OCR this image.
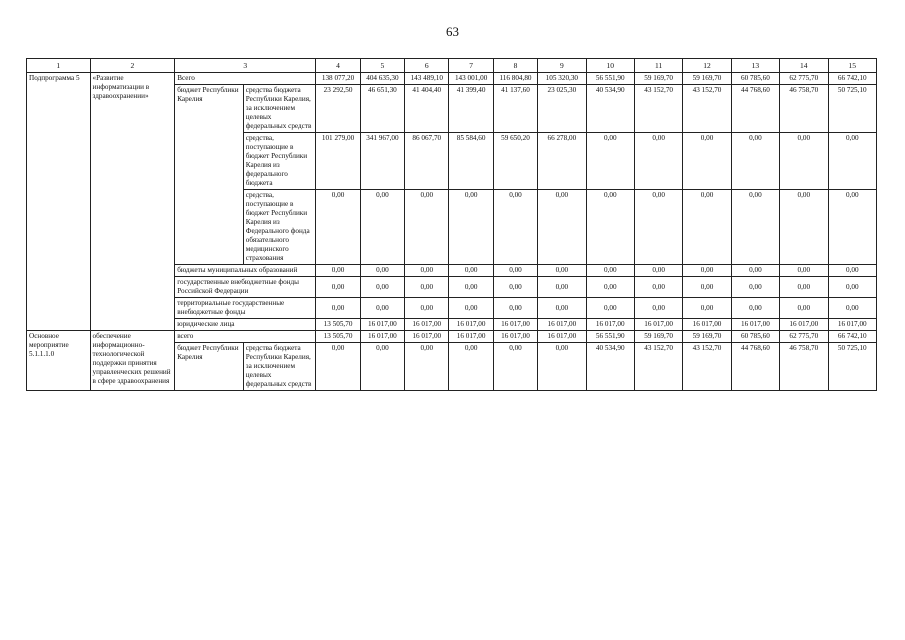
63
1	2	3		4	5	6	7	8	9	10	11	12	13	14	15
Подпрограмма 5	«Развитие информатизации в здравоохранении»	Всего		138 077,20	404 635,30	143 489,10	143 001,00	116 804,80	105 320,30	56 551,90	59 169,70	59 169,70	60 785,60	62 775,70	66 742,10
		бюджет Республики Карелия	средства бюджета Республики Карелия, за исключением целевых федеральных средств	23 292,50	46 651,30	41 404,40	41 399,40	41 137,60	23 025,30	40 534,90	43 152,70	43 152,70	44 768,60	46 758,70	50 725,10
			средства, поступающие в бюджет Республики Карелия из федерального бюджета	101 279,00	341 967,00	86 067,70	85 584,60	59 650,20	66 278,00	0,00	0,00	0,00	0,00	0,00	0,00
			средства, поступающие в бюджет Республики Карелия из Федерального фонда обязательного медицинского страхования	0,00	0,00	0,00	0,00	0,00	0,00	0,00	0,00	0,00	0,00	0,00	0,00
		бюджеты муниципальных образований		0,00	0,00	0,00	0,00	0,00	0,00	0,00	0,00	0,00	0,00	0,00	0,00
		государственные внебюджетные фонды Российской Федерации		0,00	0,00	0,00	0,00	0,00	0,00	0,00	0,00	0,00	0,00	0,00	0,00
		территориальные государственные внебюджетные фонды		0,00	0,00	0,00	0,00	0,00	0,00	0,00	0,00	0,00	0,00	0,00	0,00
		юридические лица		13 505,70	16 017,00	16 017,00	16 017,00	16 017,00	16 017,00	16 017,00	16 017,00	16 017,00	16 017,00	16 017,00	16 017,00
Основное мероприятие 5.1.1.1.0	обеспечение информационно-технологической поддержки принятия управленческих решений в сфере здравоохранения	всего		13 505,70	16 017,00	16 017,00	16 017,00	16 017,00	16 017,00	56 551,90	59 169,70	59 169,70	60 785,60	62 775,70	66 742,10
		бюджет Республики Карелия	средства бюджета Республики Карелия, за исключением целевых федеральных средств	0,00	0,00	0,00	0,00	0,00	0,00	40 534,90	43 152,70	43 152,70	44 768,60	46 758,70	50 725,10
